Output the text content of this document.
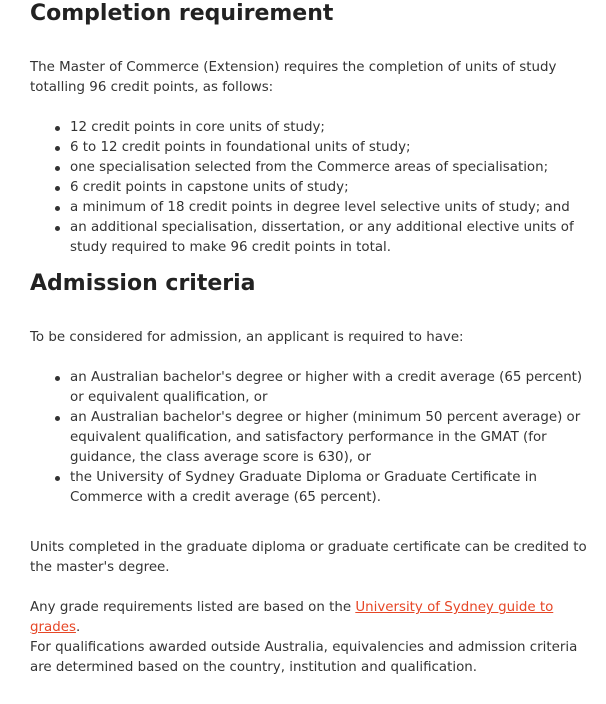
Completion requirement

The Master of Commerce (Extension) requires the completion of units of study totalling 96 credit points, as follows:

12 credit points in core units of study;
6 to 12 credit points in foundational units of study;
one specialisation selected from the Commerce areas of specialisation;
6 credit points in capstone units of study;
a minimum of 18 credit points in degree level selective units of study; and
an additional specialisation, dissertation, or any additional elective units of study required to make 96 credit points in total.
Admission criteria

To be considered for admission, an applicant is required to have:

an Australian bachelor's degree or higher with a credit average (65 percent) or equivalent qualification, or
an Australian bachelor's degree or higher (minimum 50 percent average) or equivalent qualification, and satisfactory performance in the GMAT (for guidance, the class average score is 630), or
the University of Sydney Graduate Diploma or Graduate Certificate in Commerce with a credit average (65 percent).

Units completed in the graduate diploma or graduate certificate can be credited to the master's degree.

Any grade requirements listed are based on the University of Sydney guide to grades.

For qualifications awarded outside Australia, equivalencies and admission criteria are determined based on the country, institution and qualification.
